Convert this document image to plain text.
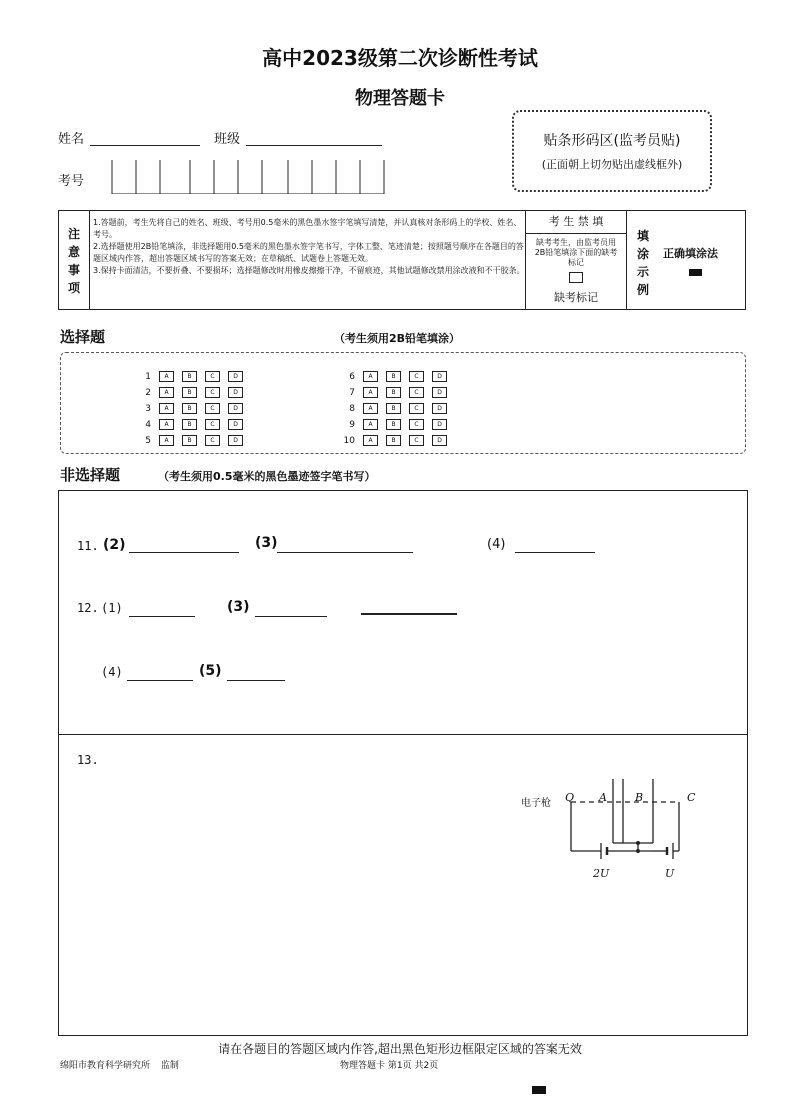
高中2023级第二次诊断性考试
物理答题卡
姓名	班级
考号
贴条形码区(监考员贴)
(正面朝上切勿贴出虚线框外)
注
意
事
项
1.答题前，考生先将自己的姓名、班级、考号用0.5毫米的黑色墨水签字笔填写清楚，并认真核对条形码上的学校、姓名、考号。
2.选择题使用2B铅笔填涂，非选择题用0.5毫米的黑色墨水签字笔书写，字体工整、笔迹清楚；按照题号顺序在各题目的答题区域内作答，超出答题区域书写的答案无效；在草稿纸、试题卷上答题无效。
3.保持卡面清洁，不要折叠、不要损坏；选择题修改时用橡皮擦擦干净，不留痕迹，其他试题修改禁用涂改液和不干胶条。
考 生 禁 填
缺考考生，由监考员用2B铅笔填涂下面的缺考标记
缺考标记
填
涂
示
例
正确填涂法
选择题	（考生须用2B铅笔填涂）
1 A	B	C	D
2 A	B	C	D
3 A	B	C	D
4 A	B	C	D
5 A	B	C	D
6 A	B	C	D
7 A	B	C	D
8 A	B	C	D
9 A	B	C	D
10 A	B	C	D
非选择题	（考生须用0.5毫米的黑色墨迹签字笔书写）
11. (2)	(3)	(4)
12. (1)	(3)
(4)	(5)
13.
电子枪 Q A	B	C
2U	U
请在各题目的答题区域内作答,超出黑色矩形边框限定区域的答案无效
绵阳市教育科学研究所 监制	物理答题卡 第1页 共2页
